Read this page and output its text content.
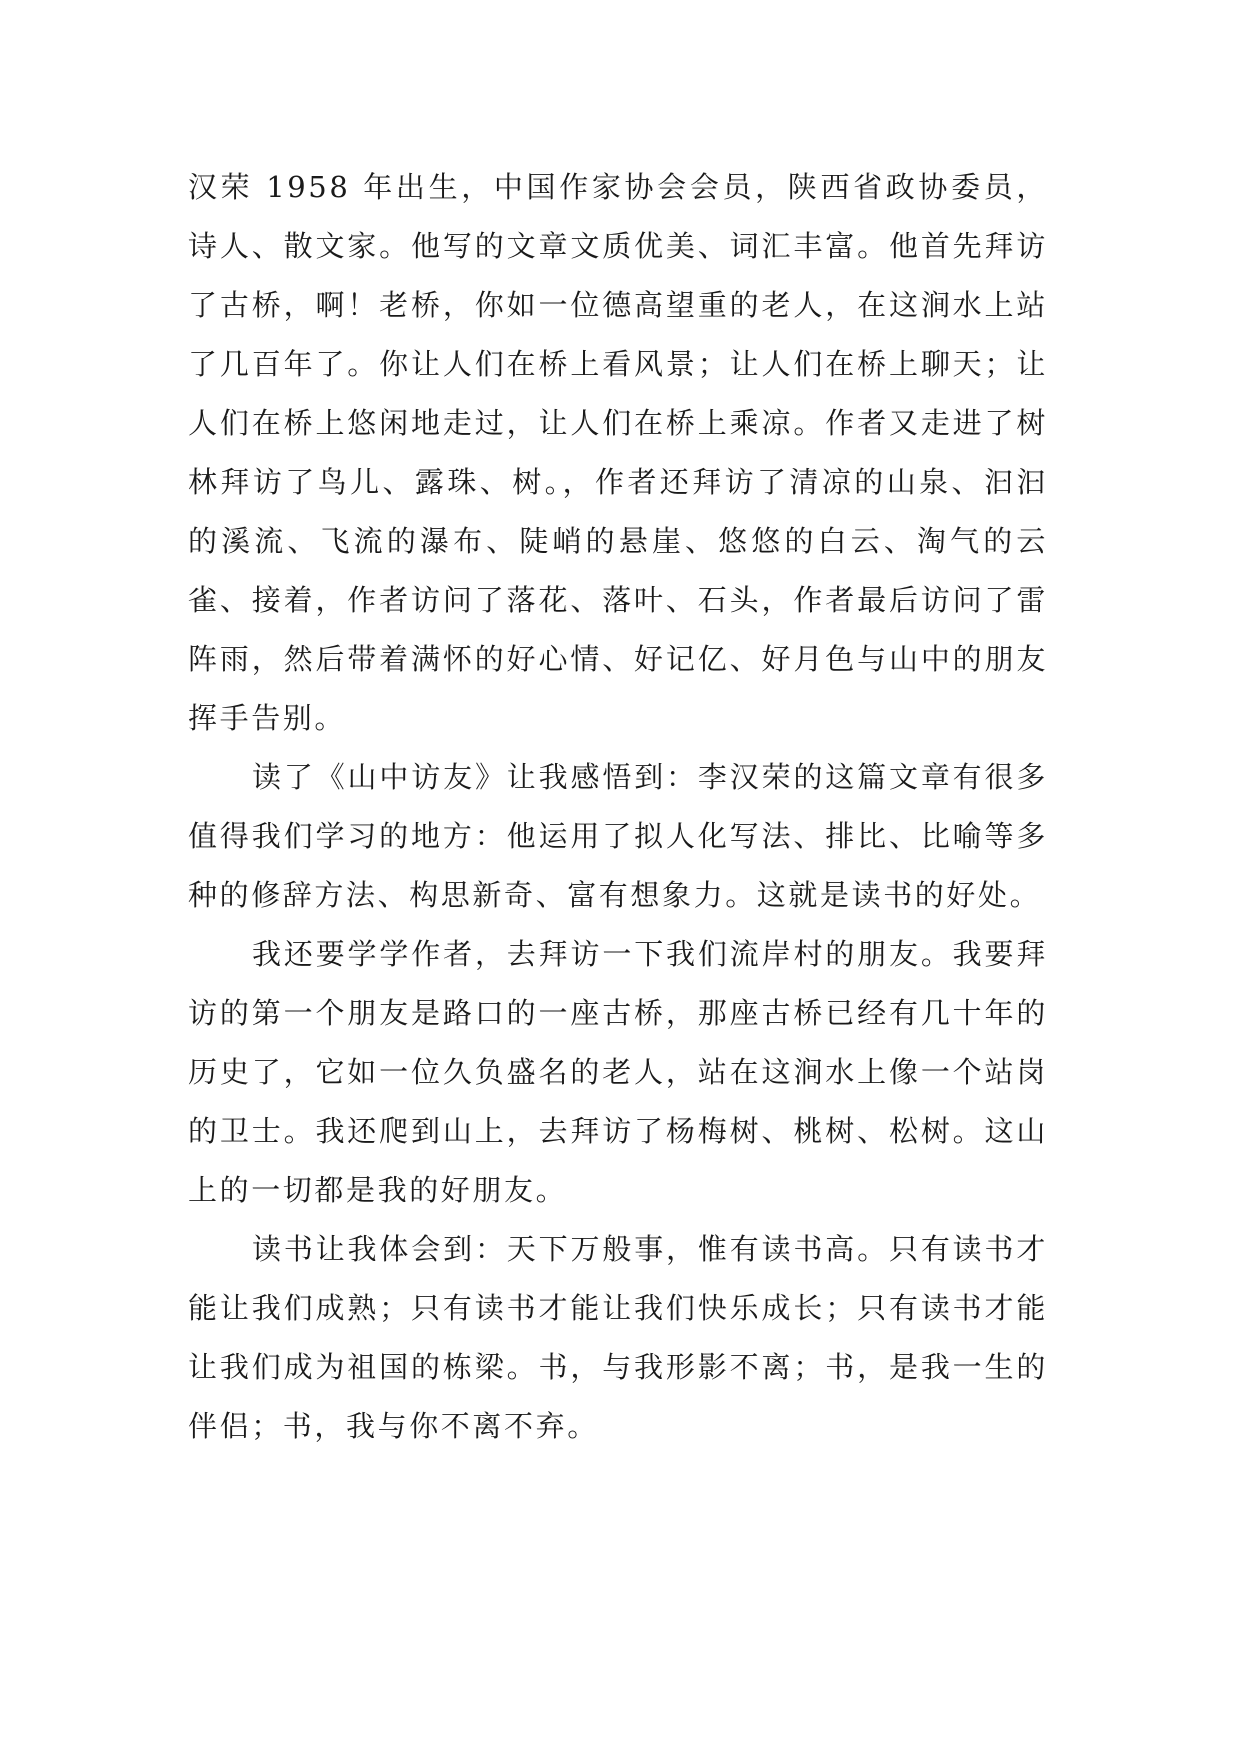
汉荣 1958 年出生，中国作家协会会员，陕西省政协委员，诗人、散文家。他写的文章文质优美、词汇丰富。他首先拜访了古桥，啊！老桥，你如一位德高望重的老人，在这涧水上站了几百年了。你让人们在桥上看风景；让人们在桥上聊天；让人们在桥上悠闲地走过，让人们在桥上乘凉。作者又走进了树林拜访了鸟儿、露珠、树。，作者还拜访了清凉的山泉、汩汩的溪流、飞流的瀑布、陡峭的悬崖、悠悠的白云、淘气的云雀、接着，作者访问了落花、落叶、石头，作者最后访问了雷阵雨，然后带着满怀的好心情、好记亿、好月色与山中的朋友挥手告别。

读了《山中访友》让我感悟到：李汉荣的这篇文章有很多值得我们学习的地方：他运用了拟人化写法、排比、比喻等多种的修辞方法、构思新奇、富有想象力。这就是读书的好处。

我还要学学作者，去拜访一下我们流岸村的朋友。我要拜访的第一个朋友是路口的一座古桥，那座古桥已经有几十年的历史了，它如一位久负盛名的老人，站在这涧水上像一个站岗的卫士。我还爬到山上，去拜访了杨梅树、桃树、松树。这山上的一切都是我的好朋友。

读书让我体会到：天下万般事，惟有读书高。只有读书才能让我们成熟；只有读书才能让我们快乐成长；只有读书才能让我们成为祖国的栋梁。书，与我形影不离；书，是我一生的伴侣；书，我与你不离不弃。
